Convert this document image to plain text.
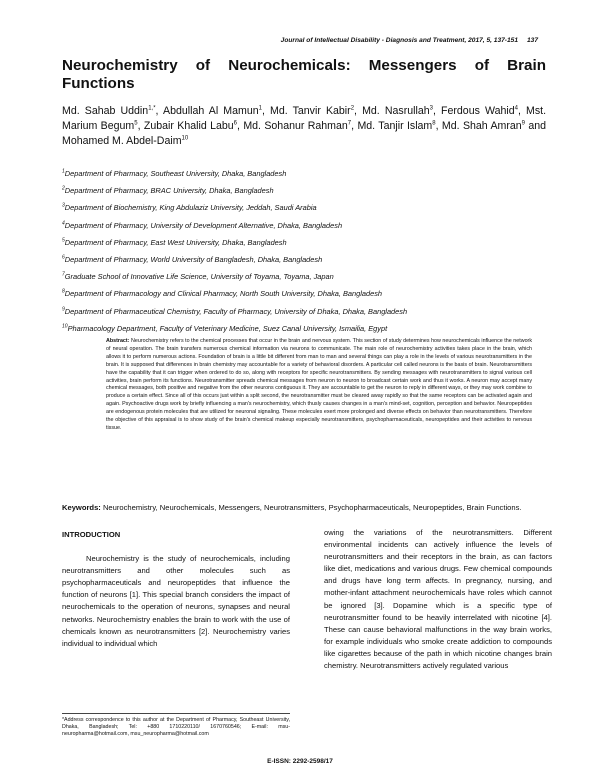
Journal of Intellectual Disability - Diagnosis and Treatment, 2017, 5, 137-151 137
Neurochemistry of Neurochemicals: Messengers of Brain Functions
Md. Sahab Uddin$^{1,*}$, Abdullah Al Mamun$^1$, Md. Tanvir Kabir$^2$, Md. Nasrullah$^3$, Ferdous Wahid$^4$, Mst. Marium Begum$^5$, Zubair Khalid Labu$^6$, Md. Sohanur Rahman$^7$, Md. Tanjir Islam$^8$, Md. Shah Amran$^9$ and Mohamed M. Abdel-Daim$^{10}$
$^1$Department of Pharmacy, Southeast University, Dhaka, Bangladesh
$^2$Department of Pharmacy, BRAC University, Dhaka, Bangladesh
$^3$Department of Biochemistry, King Abdulaziz University, Jeddah, Saudi Arabia
$^4$Department of Pharmacy, University of Development Alternative, Dhaka, Bangladesh
$^5$Department of Pharmacy, East West University, Dhaka, Bangladesh
$^6$Department of Pharmacy, World University of Bangladesh, Dhaka, Bangladesh
$^7$Graduate School of Innovative Life Science, University of Toyama, Toyama, Japan
$^8$Department of Pharmacology and Clinical Pharmacy, North South University, Dhaka, Bangladesh
$^9$Department of Pharmaceutical Chemistry, Faculty of Pharmacy, University of Dhaka, Dhaka, Bangladesh
$^{10}$Pharmacology Department, Faculty of Veterinary Medicine, Suez Canal University, Ismailia, Egypt
Abstract: Neurochemistry refers to the chemical processes that occur in the brain and nervous system. This section of study determines how neurochemicals influence the network of neural operation. The brain transfers numerous chemical information via neurons to communicate. The main role of neurochemistry activities takes place in the brain, which allows it to perform numerous actions. Foundation of brain is a little bit different from man to man and several things can play a role in the levels of various neurotransmitters in the brain. It is supposed that differences in brain chemistry may accountable for a variety of behavioral disorders. A particular cell called neurons is the basis of brain. Neurotransmitters have the capability that it can trigger when ordered to do so, along with receptors for specific neurotransmitters. By sending messages with neurotransmitters to signal various cell activities, brain perform its functions. Neurotransmitter spreads chemical messages from neuron to neuron to broadcast certain work and thus it works. A neuron may accept many chemical messages, both positive and negative from the other neurons contiguous it. They are accountable to get the neuron to reply in different ways, or they may work combine to produce a certain effect. Since all of this occurs just within a split second, the neurotransmitter must be cleared away rapidly so that the same receptors can be activated again and again. Psychoactive drugs work by briefly influencing a man's neurochemistry, which thusly causes changes in a man's mind-set, cognition, perception and behavior. Neuropeptides are endogenous protein molecules that are utilized for neuronal signaling. These molecules exert more prolonged and diverse effects on behavior than neurotransmitters. Therefore the objective of this appraisal is to show study of the brain's chemical makeup especially neurotransmitters, psychopharmaceuticals, neuropeptides and their activities to nervous tissue.
Keywords: Neurochemistry, Neurochemicals, Messengers, Neurotransmitters, Psychopharmaceuticals, Neuropeptides, Brain Functions.
INTRODUCTION

Neurochemistry is the study of neurochemicals, including neurotransmitters and other molecules such as psychopharmaceuticals and neuropeptides that influence the function of neurons [1]. This special branch considers the impact of neurochemicals to the operation of neurons, synapses and neural networks. Neurochemistry enables the brain to work with the use of chemicals known as neurotransmitters [2]. Neurochemistry varies individual to individual which

owing the variations of the neurotransmitters. Different environmental incidents can actively influence the levels of neurotransmitters and their receptors in the brain, as can factors like diet, medications and various drugs. Few chemical compounds and drugs have long term affects. In pregnancy, nursing, and mother-infant attachment neurochemicals have roles which cannot be ignored [3]. Dopamine which is a specific type of neurotransmitter found to be heavily interrelated with nicotine [4]. These can cause behavioral malfunctions in the way brain works, for example individuals who smoke create addiction to compounds like cigarettes because of the path in which nicotine changes brain chemistry. Neurotransmitters actively regulated various

*Address correspondence to this author at the Department of Pharmacy, Southeast University, Dhaka, Bangladesh; Tel: +880 1710220110/ 1670760546; E-mail: msu-neuropharma@hotmail.com, msu_neuropharma@hotmail.com
E-ISSN: 2292-2598/17
